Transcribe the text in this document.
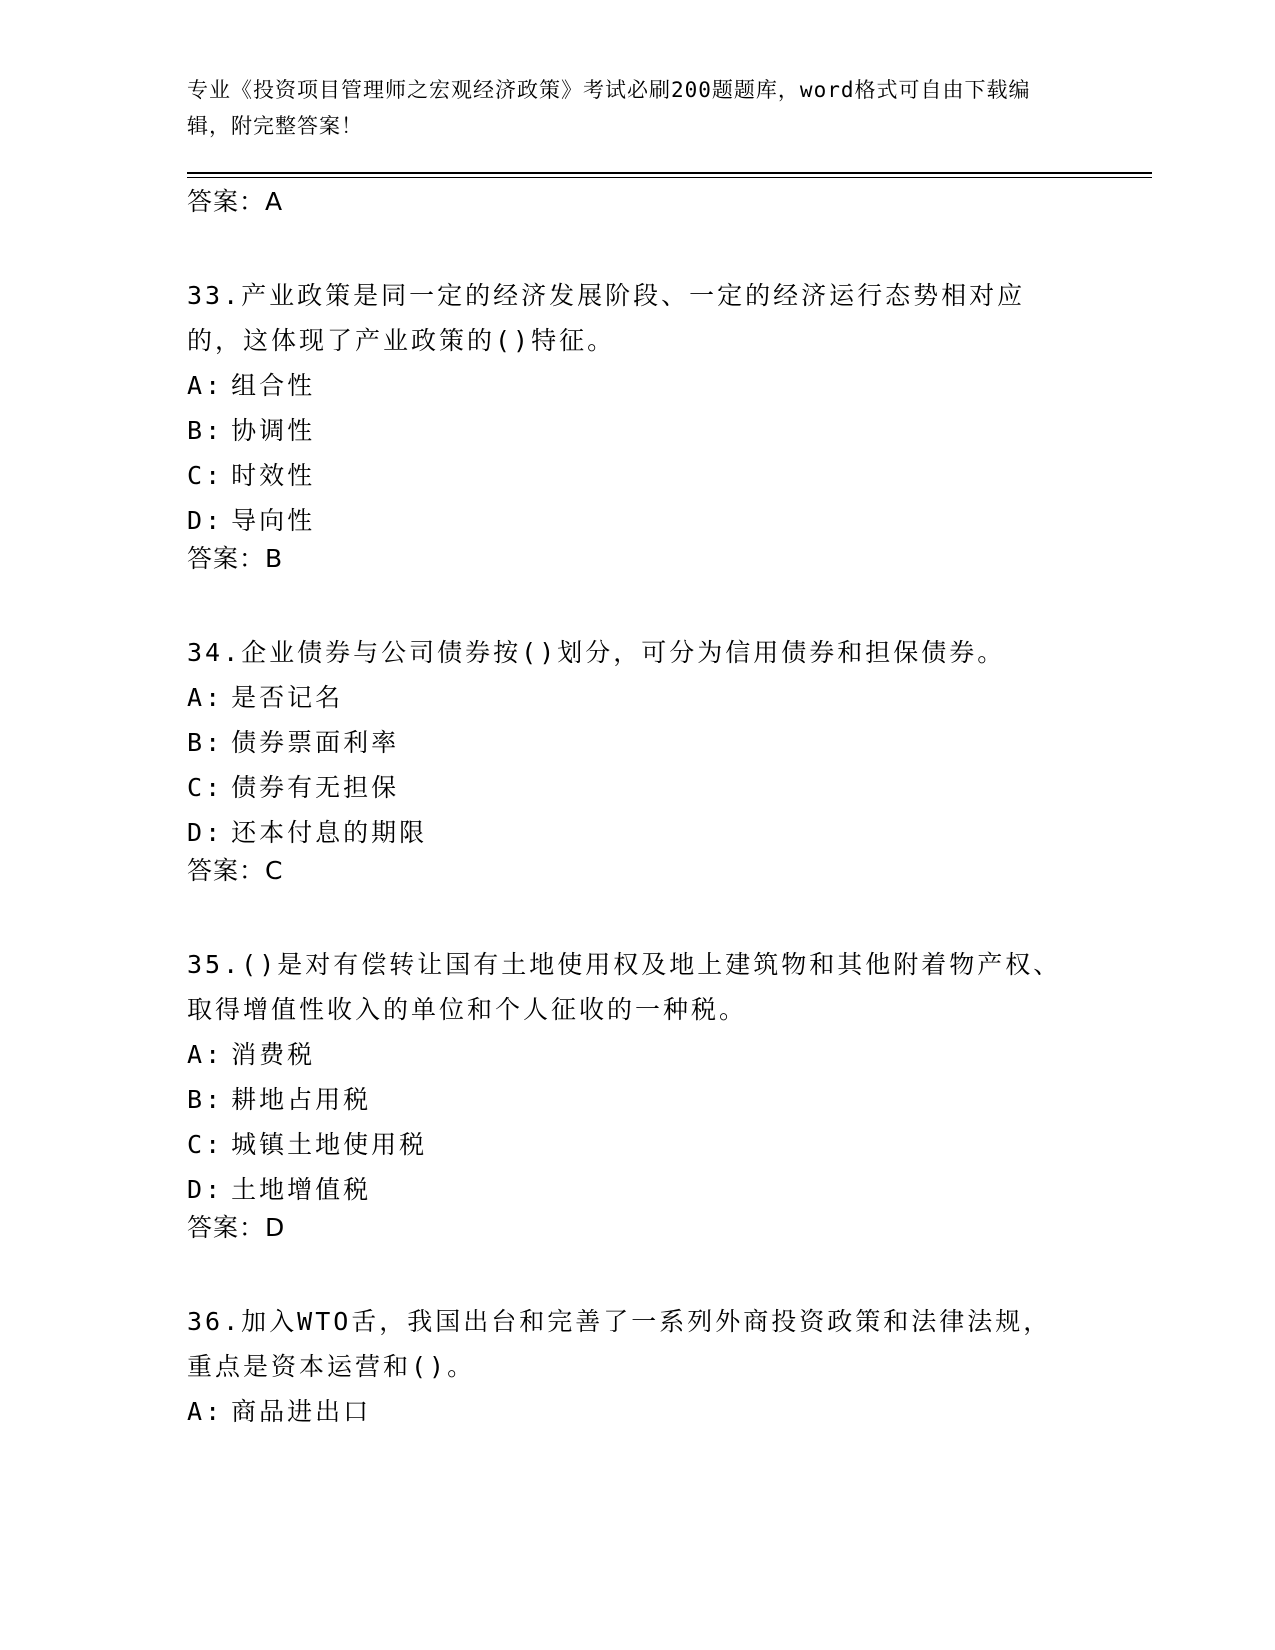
专业《投资项目管理师之宏观经济政策》考试必刷200题题库，word格式可自由下载编辑，附完整答案！

答案：A

33.产业政策是同一定的经济发展阶段、一定的经济运行态势相对应的，这体现了产业政策的()特征。

A: 组合性

B: 协调性

C: 时效性

D: 导向性

答案：B

34.企业债券与公司债券按()划分，可分为信用债券和担保债券。

A: 是否记名

B: 债券票面利率

C: 债券有无担保

D: 还本付息的期限

答案：C

35.()是对有偿转让国有土地使用权及地上建筑物和其他附着物产权、取得增值性收入的单位和个人征收的一种税。

A: 消费税

B: 耕地占用税

C: 城镇土地使用税

D: 土地增值税

答案：D

36.加入WTO舌，我国出台和完善了一系列外商投资政策和法律法规，重点是资本运营和()。

A: 商品进出口
